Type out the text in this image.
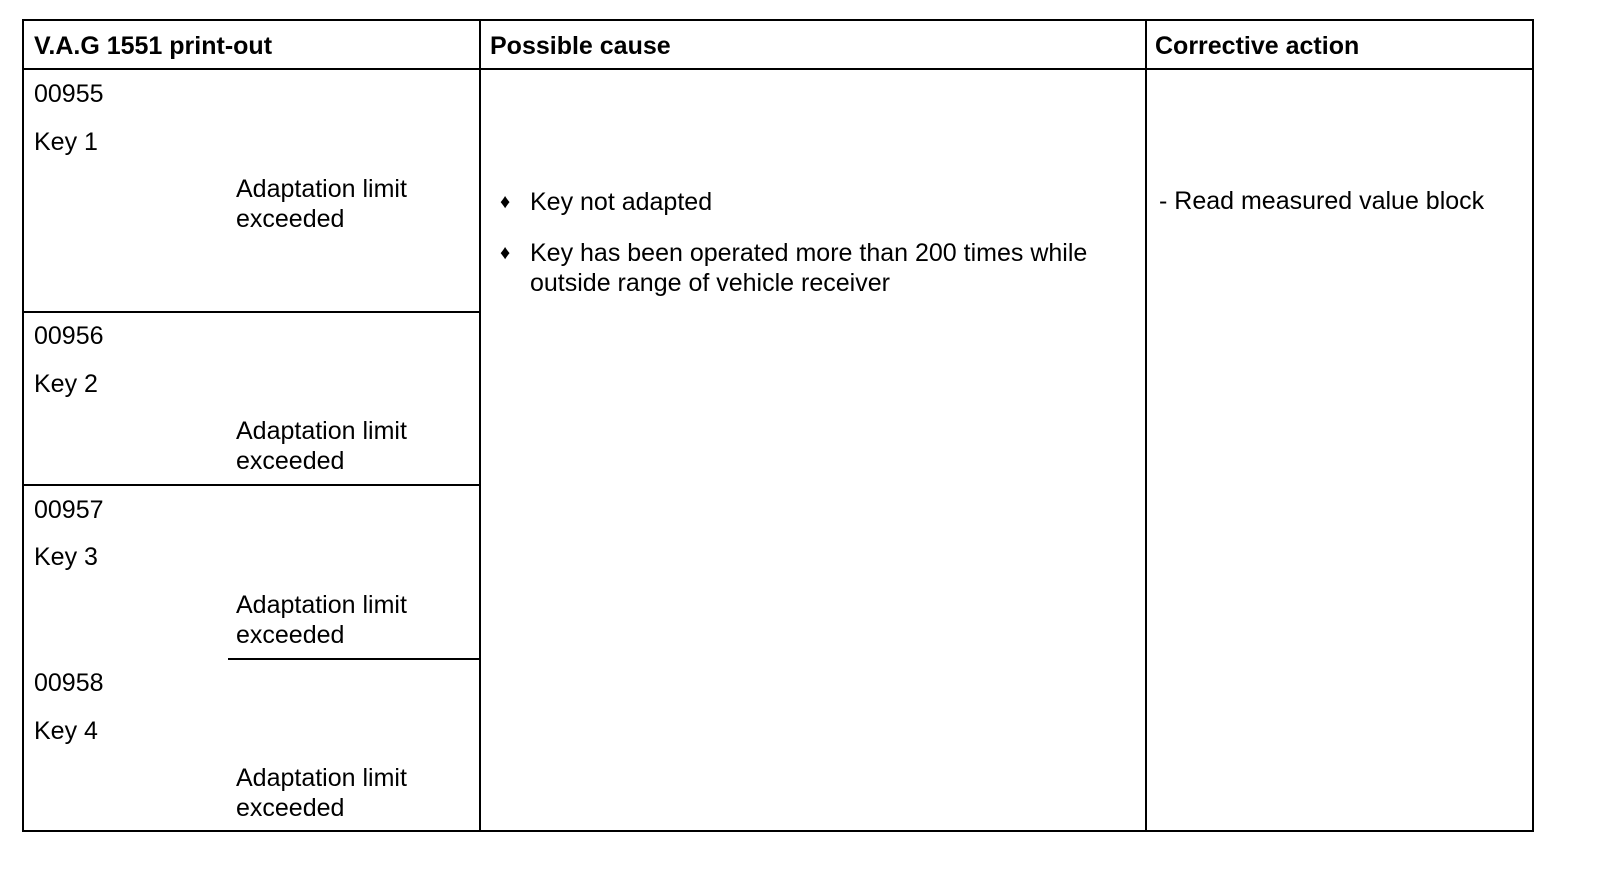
V.A.G 1551 print-out	Possible cause	Corrective action
00955
Key 1
Adaptation limit exceeded
00956
Key 2
Adaptation limit exceeded
00957
Key 3
Adaptation limit exceeded
00958
Key 4
Adaptation limit exceeded
♦ Key not adapted
♦ Key has been operated more than 200 times while outside range of vehicle receiver
- Read measured value block
